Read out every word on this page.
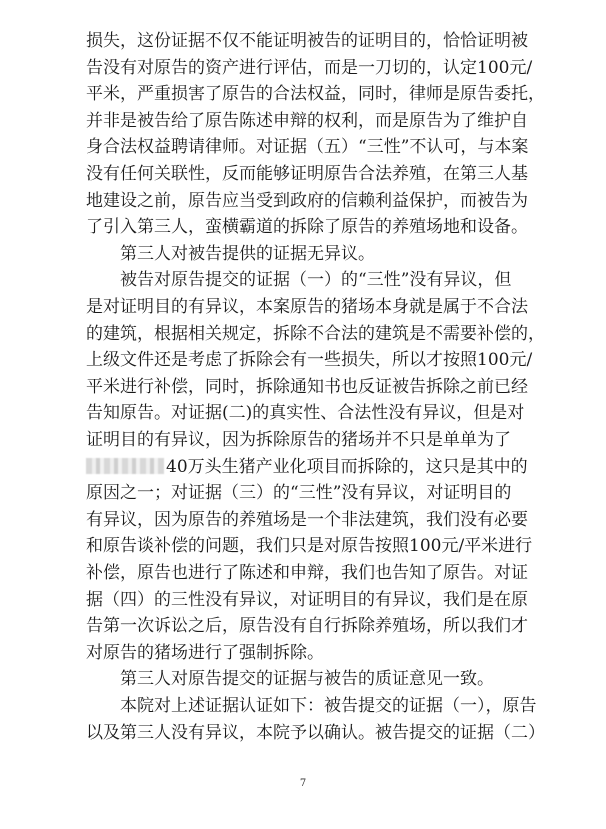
损失，这份证据不仅不能证明被告的证明目的，恰恰证明被
告没有对原告的资产进行评估，而是一刀切的，认定100元/
平米，严重损害了原告的合法权益，同时，律师是原告委托，
并非是被告给了原告陈述申辩的权利，而是原告为了维护自
身合法权益聘请律师。对证据（五）“三性”不认可，与本案
没有任何关联性，反而能够证明原告合法养殖，在第三人基
地建设之前，原告应当受到政府的信赖利益保护，而被告为
了引入第三人，蛮横霸道的拆除了原告的养殖场地和设备。
第三人对被告提供的证据无异议。
被告对原告提交的证据（一）的“三性”没有异议，但
是对证明目的有异议，本案原告的猪场本身就是属于不合法
的建筑，根据相关规定，拆除不合法的建筑是不需要补偿的，
上级文件还是考虑了拆除会有一些损失，所以才按照100元/
平米进行补偿，同时，拆除通知书也反证被告拆除之前已经
告知原告。对证据(二)的真实性、合法性没有异议，但是对
证明目的有异议，因为拆除原告的猪场并不只是单单为了
40万头生猪产业化项目而拆除的，这只是其中的
原因之一；对证据（三）的“三性”没有异议，对证明目的
有异议，因为原告的养殖场是一个非法建筑，我们没有必要
和原告谈补偿的问题，我们只是对原告按照100元/平米进行
补偿，原告也进行了陈述和申辩，我们也告知了原告。对证
据（四）的三性没有异议，对证明目的有异议，我们是在原
告第一次诉讼之后，原告没有自行拆除养殖场，所以我们才
7
对原告的猪场进行了强制拆除。
第三人对原告提交的证据与被告的质证意见一致。
本院对上述证据认证如下：被告提交的证据（一），原告
以及第三人没有异议，本院予以确认。被告提交的证据（二）
